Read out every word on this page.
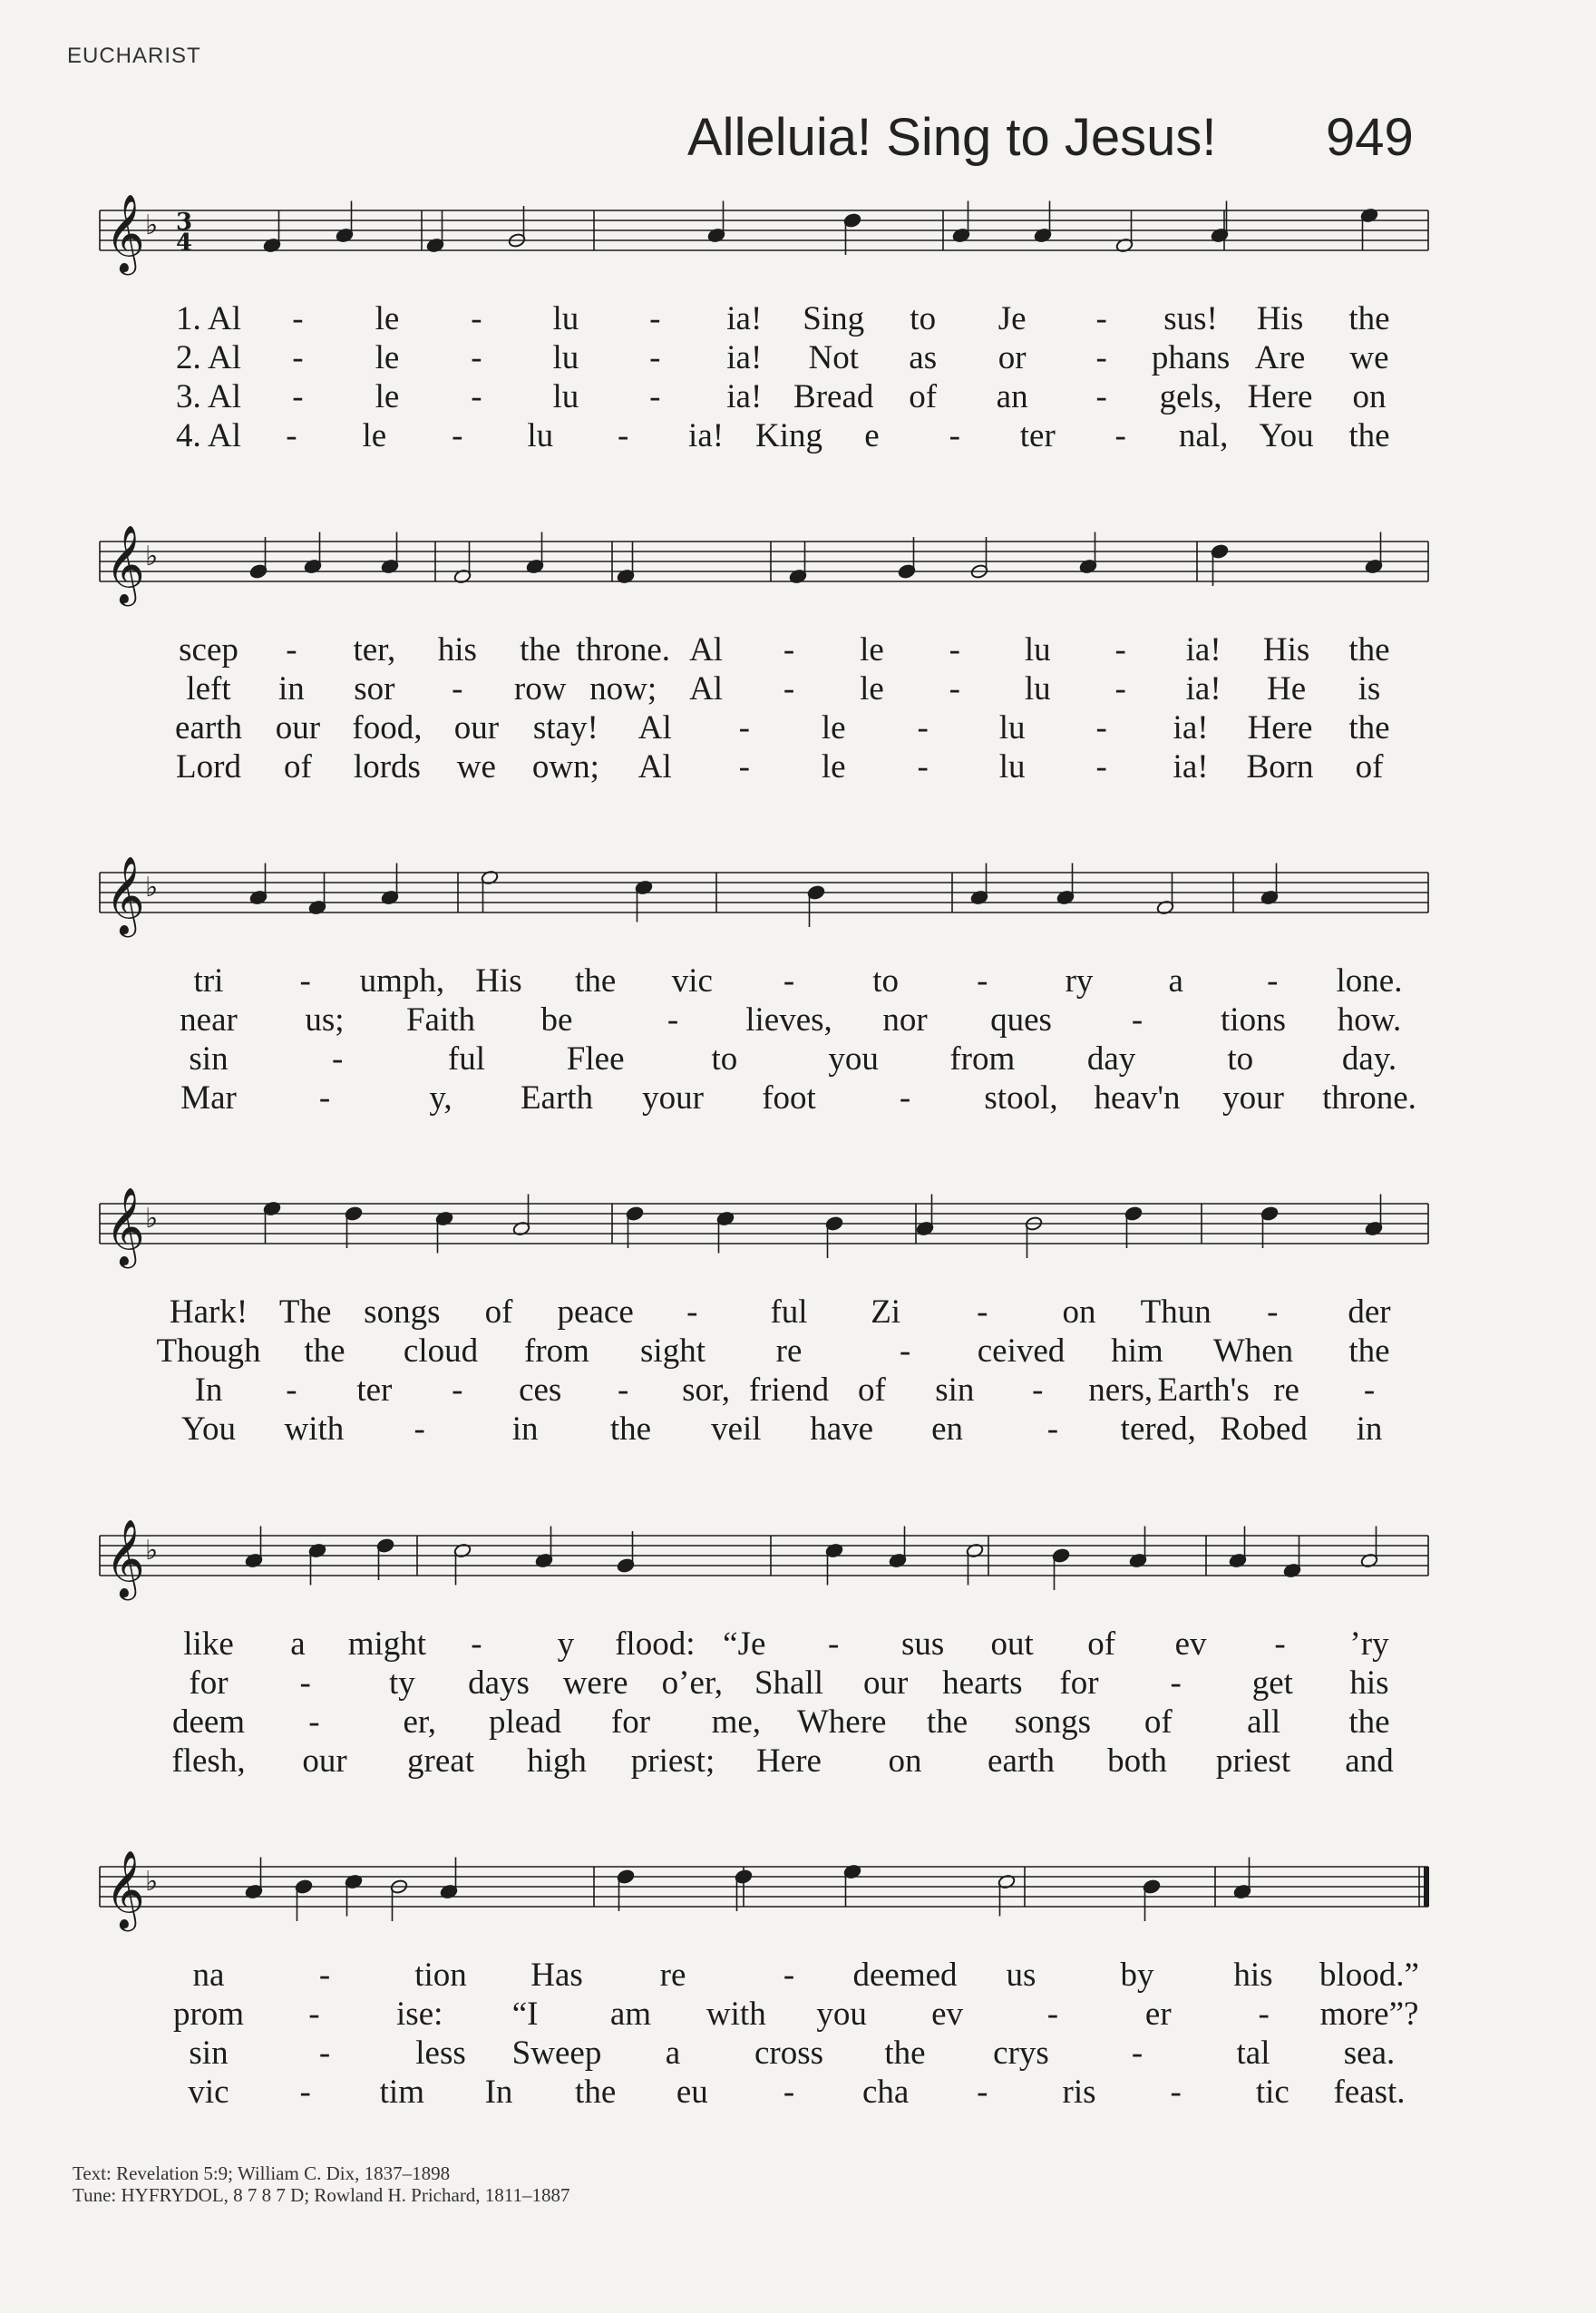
EUCHARIST
Alleluia! Sing to Jesus! 949
𝄞 ♭ 3
4
1. Al - le - lu - ia! Sing to Je - sus! His the
2. Al - le - lu - ia! Not as or - phans Are we
3. Al - le - lu - ia! Bread of an - gels, Here on
4. Al - le - lu - ia! King e - ter - nal, You the
𝄞 ♭
scep - ter, his the throne. Al - le - lu - ia! His the
left in sor - row now; Al - le - lu - ia! He is
earth our food, our stay! Al - le - lu - ia! Here the
Lord of lords we own; Al - le - lu - ia! Born of
𝄞 ♭
tri - umph, His the vic - to - ry a - lone.
near us; Faith be	- lieves, nor ques - tions how.
sin	-	ful Flee	to	you from day	to	day.
Mar -	y, Earth your foot - stool, heav'n your throne.
𝄞 ♭
Hark! The songs of peace - ful Zi - on Thun - der
Though the cloud from sight re	- ceived him When the
In - ter - ces - sor, friend of sin - ners, Earth's re -
You with -	in the veil have en	- tered, Robed in
𝄞 ♭
like a might - y flood: “Je - sus out of ev - ’ry
for - ty days were o’er, Shall our hearts for - get his
deem - er, plead for me, Where the songs of all the
flesh, our great high priest; Here on earth both priest and
𝄞 ♭
na	-	tion Has re	- deemed us	by his blood.”
prom - ise: “I am with you ev	-	er	- more”?
sin	-	less Sweep a cross the crys -	tal sea.
vic - tim In the eu - cha - ris - tic feast.
Text: Revelation 5:9; William C. Dix, 1837–1898
Tune: HYFRYDOL, 8 7 8 7 D; Rowland H. Prichard, 1811–1887
